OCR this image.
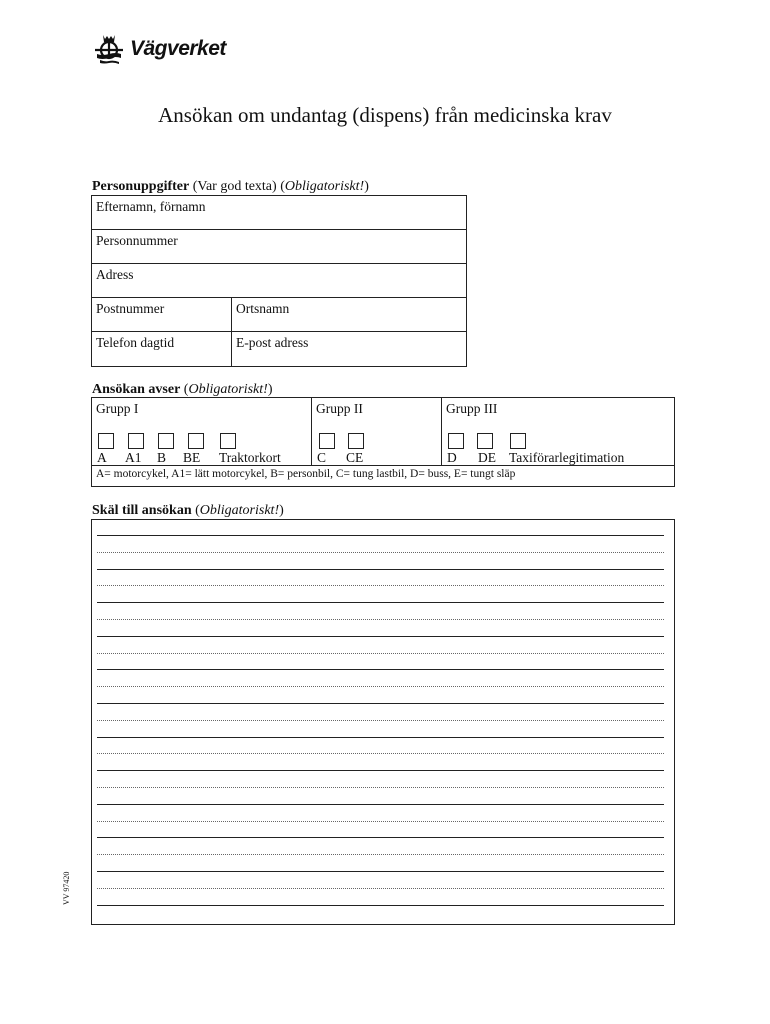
Vägverket
Ansökan om undantag (dispens) från medicinska krav
Personuppgifter (Var god texta) (Obligatoriskt!)
Efternamn, förnamn
Personnummer
Adress
Postnummer	Ortsnamn
Telefon dagtid	E-post adress
Ansökan avser (Obligatoriskt!)
Grupp I
A A1 B BE Traktorkort
Grupp II
C CE
Grupp III
D DE Taxiförarlegitimation
A= motorcykel, A1= lätt motorcykel, B= personbil, C= tung lastbil, D= buss, E= tungt släp
Skäl till ansökan (Obligatoriskt!)
VV 97420
